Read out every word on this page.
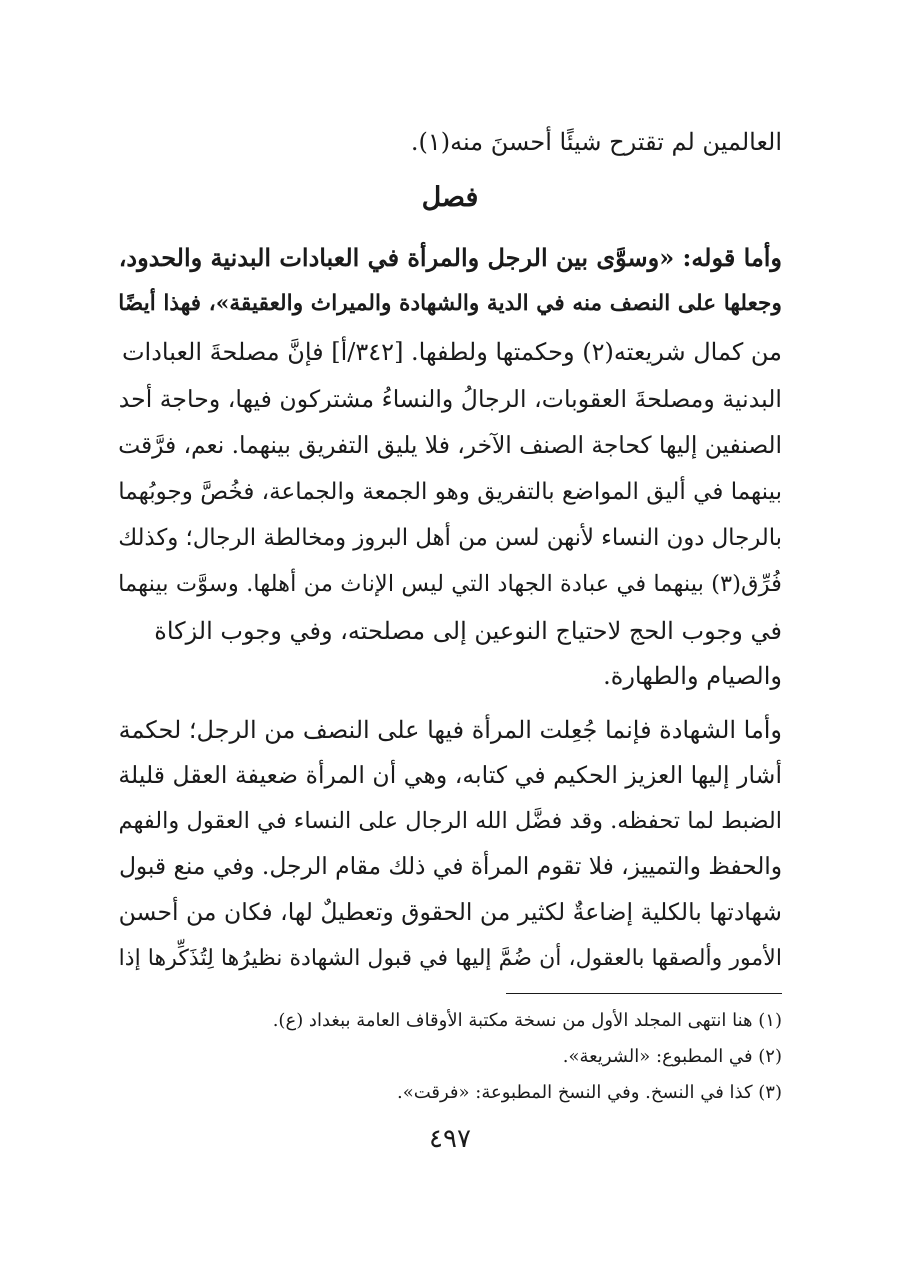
العالمين لم تقترح شيئًا أحسنَ منه(١).
فصل
وأما قوله: «وسوَّى بين الرجل والمرأة في العبادات البدنية والحدود،
وجعلها على النصف منه في الدية والشهادة والميراث والعقيقة»، فهذا أيضًا
من كمال شريعته(٢) وحكمتها ولطفها. [٣٤٢/أ] فإنَّ مصلحةَ العبادات
البدنية ومصلحةَ العقوبات، الرجالُ والنساءُ مشتركون فيها، وحاجة أحد
الصنفين إليها كحاجة الصنف الآخر، فلا يليق التفريق بينهما. نعم، فرَّقت
بينهما في أليق المواضع بالتفريق وهو الجمعة والجماعة، فخُصَّ وجوبُهما
بالرجال دون النساء لأنهن لسن من أهل البروز ومخالطة الرجال؛ وكذلك
فُرِّق(٣) بينهما في عبادة الجهاد التي ليس الإناث من أهلها. وسوَّت بينهما
في وجوب الحج لاحتياج النوعين إلى مصلحته، وفي وجوب الزكاة
والصيام والطهارة.
وأما الشهادة فإنما جُعِلت المرأة فيها على النصف من الرجل؛ لحكمة
أشار إليها العزيز الحكيم في كتابه، وهي أن المرأة ضعيفة العقل قليلة
الضبط لما تحفظه. وقد فضَّل الله الرجال على النساء في العقول والفهم
والحفظ والتمييز، فلا تقوم المرأة في ذلك مقام الرجل. وفي منع قبول
شهادتها بالكلية إضاعةٌ لكثير من الحقوق وتعطيلٌ لها، فكان من أحسن
الأمور وألصقها بالعقول، أن ضُمَّ إليها في قبول الشهادة نظيرُها لِتُذَكِّرها إذا
(١) هنا انتهى المجلد الأول من نسخة مكتبة الأوقاف العامة ببغداد (ع).
(٢) في المطبوع: «الشريعة».
(٣) كذا في النسخ. وفي النسخ المطبوعة: «فرقت».
٤٩٧
